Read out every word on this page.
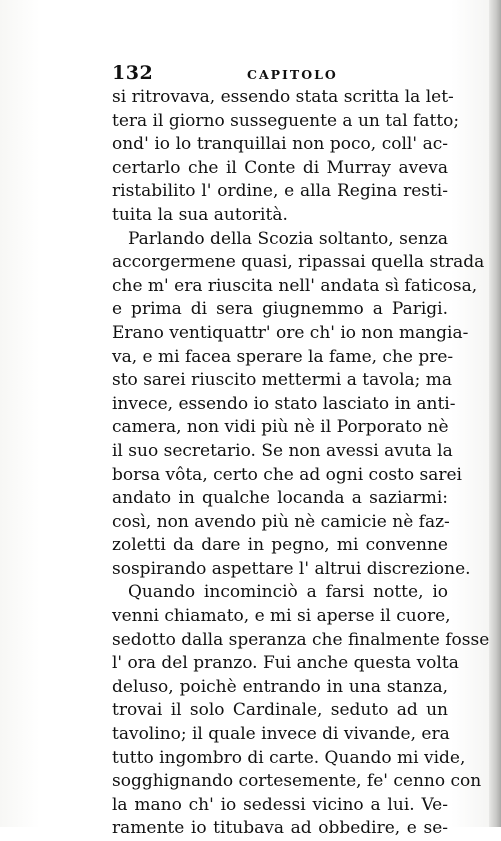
132	CAPITOLO
si ritrovava, essendo stata scritta la let-
tera il giorno susseguente a un tal fatto;
ond' io lo tranquillai non poco, coll' ac-
certarlo che il Conte di Murray aveva
ristabilito l' ordine, e alla Regina resti-
tuita la sua autorità.
Parlando della Scozia soltanto, senza
accorgermene quasi, ripassai quella strada
che m' era riuscita nell' andata sì faticosa,
e prima di sera giugnemmo a Parigi.
Erano ventiquattr' ore ch' io non mangia-
va, e mi facea sperare la fame, che pre-
sto sarei riuscito mettermi a tavola; ma
invece, essendo io stato lasciato in anti-
camera, non vidi più nè il Porporato nè
il suo secretario. Se non avessi avuta la
borsa vôta, certo che ad ogni costo sarei
andato in qualche locanda a saziarmi:
così, non avendo più nè camicie nè faz-
zoletti da dare in pegno, mi convenne
sospirando aspettare l' altrui discrezione.
Quando incominciò a farsi notte, io
venni chiamato, e mi si aperse il cuore,
sedotto dalla speranza che finalmente fosse
l' ora del pranzo. Fui anche questa volta
deluso, poichè entrando in una stanza,
trovai il solo Cardinale, seduto ad un
tavolino; il quale invece di vivande, era
tutto ingombro di carte. Quando mi vide,
sogghignando cortesemente, fe' cenno con
la mano ch' io sedessi vicino a lui. Ve-
ramente io titubava ad obbedire, e se-
